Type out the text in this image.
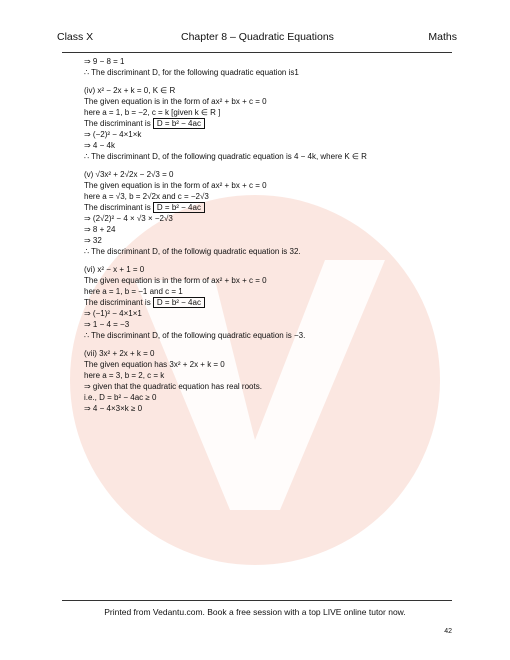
Class X	Chapter 8 – Quadratic Equations	Maths
⇒ 9 − 8 = 1
∴ The discriminant D, for the following quadratic equation is1
(iv) x² − 2x + k = 0, K ∈ R
The given equation is in the form of ax² + bx + c = 0
here a = 1, b = −2, c = k [given k ∈ R ]
The discriminant is D = b² − 4ac
⇒ (−2)² − 4×1×k
⇒ 4 − 4k
∴ The discriminant D, of the following quadratic equation is 4 − 4k, where K ∈ R
(v) √3x² + 2√2x − 2√3 = 0
The given equation is in the form of ax² + bx + c = 0
here a = √3, b = 2√2x and c = −2√3
The discriminant is D = b² − 4ac
⇒ (2√2)² − 4 × √3 × −2√3
⇒ 8 + 24
⇒ 32
∴ The discriminant D, of the followig quadratic equation is 32.
(vi) x² − x + 1 = 0
The given equation is in the form of ax² + bx + c = 0
here a = 1, b = −1 and c = 1
The discriminant is D = b² − 4ac
⇒ (−1)² − 4×1×1
⇒ 1 − 4 = −3
∴ The discriminant D, of the following quadratic equation is −3.
(vii) 3x² + 2x + k = 0
The given equation has 3x² + 2x + k = 0
here a = 3, b = 2, c = k
⇒ given that the quadratic equation has real roots.
i.e., D = b² − 4ac ≥ 0
⇒ 4 − 4×3×k ≥ 0
Printed from Vedantu.com. Book a free session with a top LIVE online tutor now.
42
